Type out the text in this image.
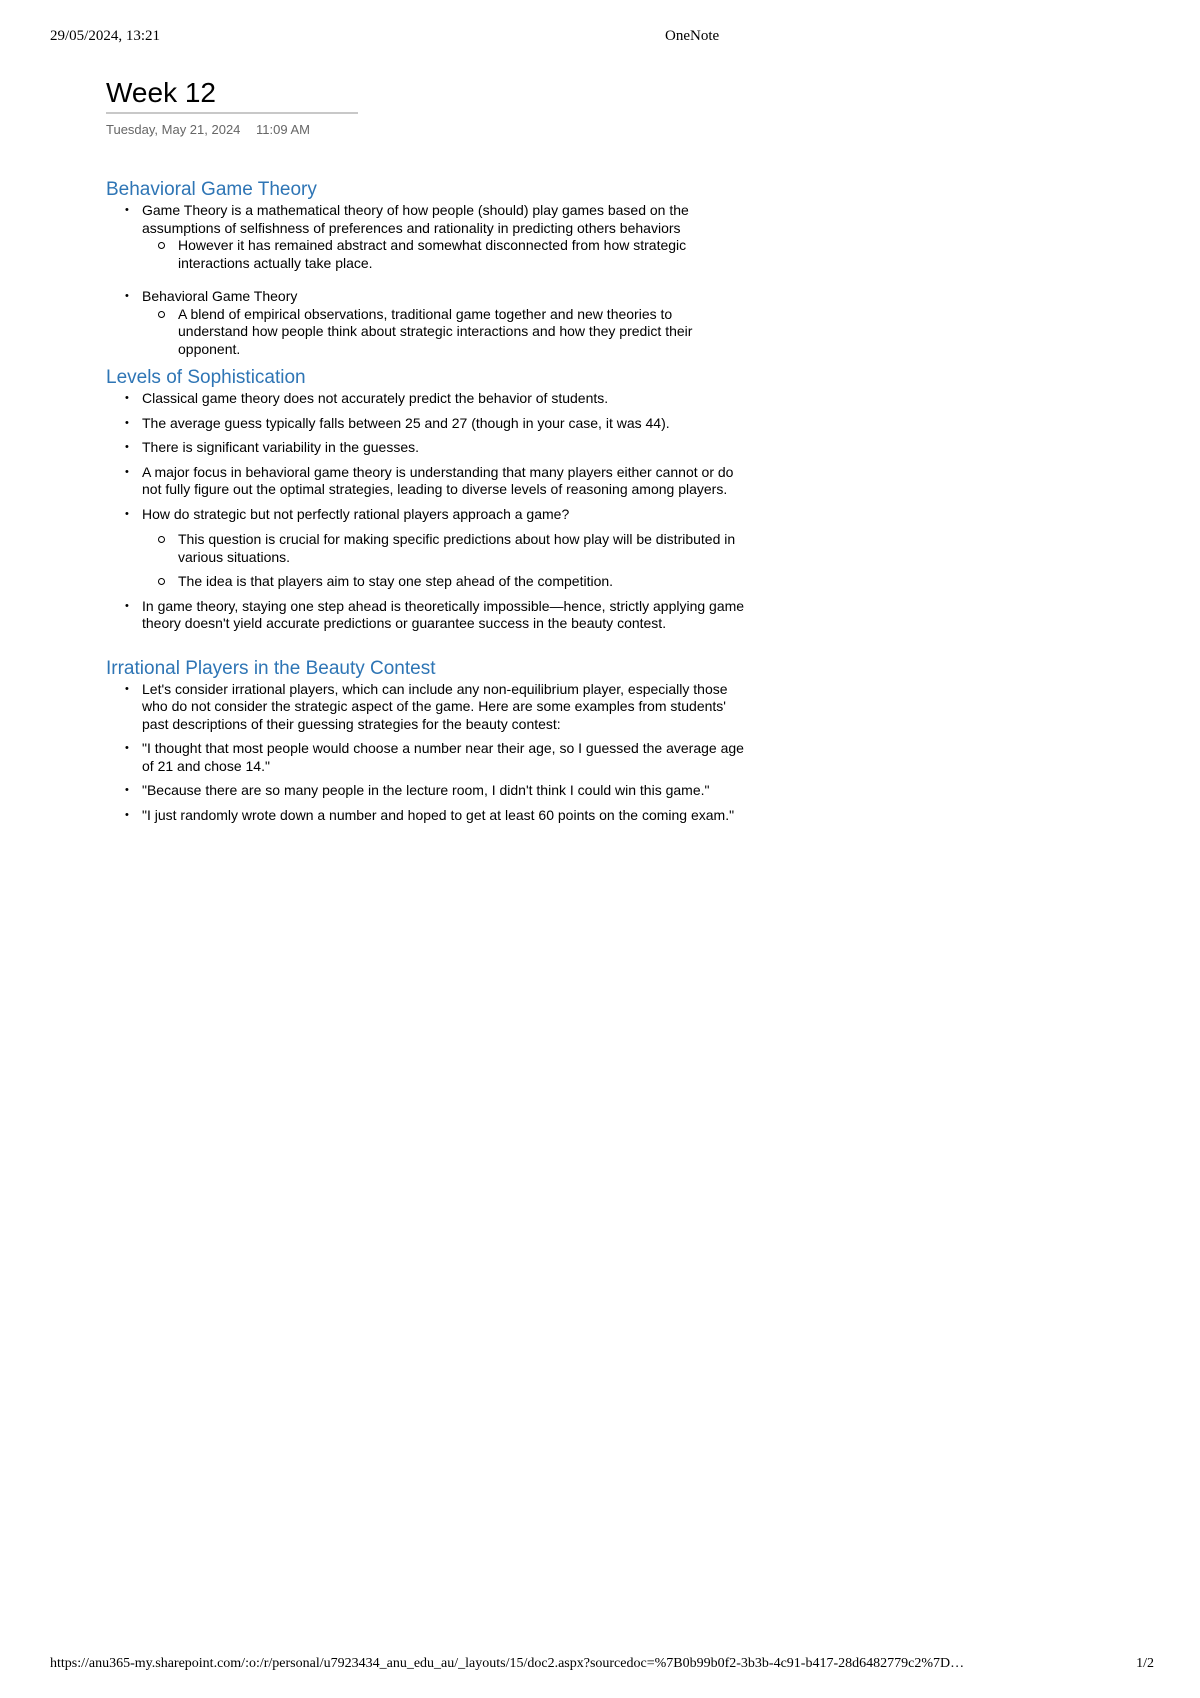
29/05/2024, 13:21	OneNote
Week 12
Tuesday, May 21, 2024 11:09 AM
Behavioral Game Theory
• Game Theory is a mathematical theory of how people (should) play games based on the assumptions of selfishness of preferences and rationality in predicting others behaviors
However it has remained abstract and somewhat disconnected from how strategic interactions actually take place.
• Behavioral Game Theory
A blend of empirical observations, traditional game together and new theories to understand how people think about strategic interactions and how they predict their opponent.
Levels of Sophistication
• Classical game theory does not accurately predict the behavior of students.
• The average guess typically falls between 25 and 27 (though in your case, it was 44).
• There is significant variability in the guesses.
• A major focus in behavioral game theory is understanding that many players either cannot or do not fully figure out the optimal strategies, leading to diverse levels of reasoning among players.
• How do strategic but not perfectly rational players approach a game?
This question is crucial for making specific predictions about how play will be distributed in various situations.
The idea is that players aim to stay one step ahead of the competition.
• In game theory, staying one step ahead is theoretically impossible—hence, strictly applying game theory doesn't yield accurate predictions or guarantee success in the beauty contest.
Irrational Players in the Beauty Contest
• Let's consider irrational players, which can include any non-equilibrium player, especially those who do not consider the strategic aspect of the game. Here are some examples from students' past descriptions of their guessing strategies for the beauty contest:
• "I thought that most people would choose a number near their age, so I guessed the average age of 21 and chose 14."
• "Because there are so many people in the lecture room, I didn't think I could win this game."
• "I just randomly wrote down a number and hoped to get at least 60 points on the coming exam."
https://anu365-my.sharepoint.com/:o:/r/personal/u7923434_anu_edu_au/_layouts/15/doc2.aspx?sourcedoc=%7B0b99b0f2-3b3b-4c91-b417-28d6482779c2%7D…	1/2
